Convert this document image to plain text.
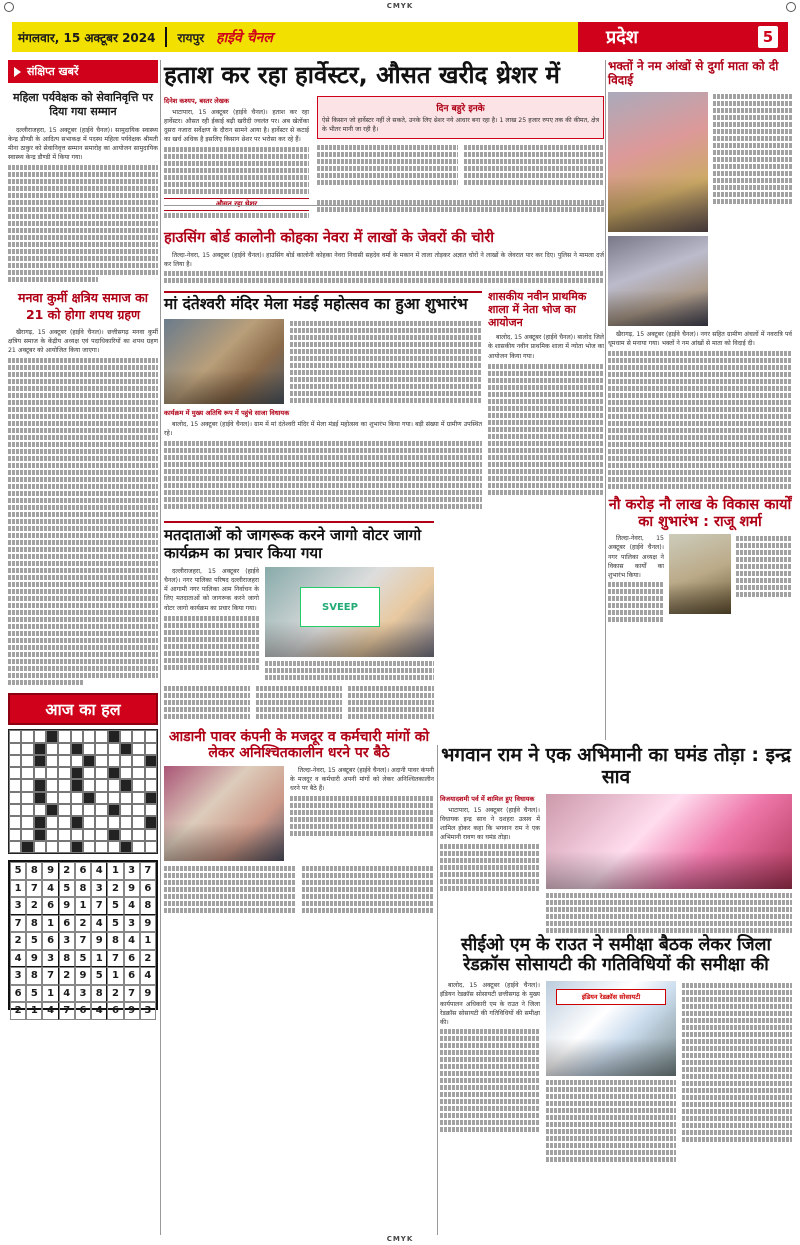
CMYK
CMYK
मंगलवार, 15 अक्टूबर 2024 रायपुर हाईवे चैनल	प्रदेश	5
संक्षिप्त खबरें
महिला पर्यवेक्षक को सेवानिवृत्ति पर दिया गया सम्मान

दल्लीराजहरा, 15 अक्टूबर (हाईवे चैनल)। सामुदायिक स्वास्थ्य केन्द्र डौण्डी के आदित्य सभाकक्ष में पदस्थ महिला पर्यवेक्षक श्रीमती मीना ठाकुर को सेवानिवृत्त सम्मान समारोह का आयोजन सामुदायिक स्वास्थ्य केन्द्र डौण्डी में किया गया।

मनवा कुर्मी क्षत्रिय समाज का 21 को होगा शपथ ग्रहण

खैरागढ़, 15 अक्टूबर (हाईवे चैनल)। छत्तीसगढ़ मनवा कुर्मी क्षत्रिय समाज के केंद्रीय अध्यक्ष एवं पदाधिकारियों का शपथ ग्रहण 21 अक्टूबर को आयोजित किया जाएगा।

आज का हल
5 8 9 2 6 4 1 3 7
1 7 4 5 8 3 2 9 6
3 2 6 9 1 7 5 4 8
7 8 1 6 2 4 5 3 9
2 5 6 3 7 9 8 4 1
4 9 3 8 5 1 7 6 2
3 8 7 2 9 5 1 6 4
6 5 1 4 3 8 2 7 9
2 1 4 7 6 4 6 9 3
हताश कर रहा हार्वेस्टर, औसत खरीद थ्रेशर में
दिनेश कश्यप, बस्तर लेखक

भाटापारा, 15 अक्टूबर (हाईवे चैनल)। हताश कर रहा हार्वेस्टर। औसत रही ईकाई बढ़ी खरीदी ज्वलंत पर। अब खेतोंका दुसरा नजारा सर्वेक्षण के दौरान सामने आया है। हार्वेस्टर से कटाई का खर्च अधिक है इसलिए किसान थ्रेशर पर भरोसा कर रहे हैं।

दिन बहुरे इनके
ऐसे किसान जो हार्वेस्टर नहीं ले सकते, उनके लिए थ्रेशर नये आधार बना रहा है। 1 लाख 25 हजार रुपए तक की कीमत, क्षेत्र के भीतर मानी जा रही है।
हाउसिंग बोर्ड कालोनी कोहका नेवरा में लाखों के जेवरों की चोरी

तिल्दा-नेवरा, 15 अक्टूबर (हाईवे चैनल)। हाउसिंग बोर्ड कालोनी कोहका नेवरा निवासी सहदेव वर्मा के मकान में ताला तोड़कर अज्ञात चोरों ने लाखों के जेवरात पार कर दिए। पुलिस ने मामला दर्ज कर लिया है।

मां दंतेश्वरी मंदिर मेला मंडई महोत्सव का हुआ शुभारंभ
कार्यक्रम में मुख्य अतिथि रूप में पहुंचे साजा विधायक

बालोद, 15 अक्टूबर (हाईवे चैनल)। ग्राम में मां दंतेश्वरी मंदिर में मेला मंडई महोत्सव का शुभारंभ किया गया। बड़ी संख्या में ग्रामीण उपस्थित रहे।

शासकीय नवीन प्राथमिक शाला में नेता भोज का आयोजन

बालोद, 15 अक्टूबर (हाईवे चैनल)। बालोद जिले के शासकीय नवीन प्राथमिक शाला में न्योता भोज का आयोजन किया गया।

मतदाताओं को जागरूक करने जागो वोटर जागो कार्यक्रम का प्रचार किया गया

दल्लीराजहरा, 15 अक्टूबर (हाईवे चैनल)। नगर पालिका परिषद दल्लीराजहरा में आगामी नगर पालिका आम निर्वाचन के लिए मतदाताओं को जागरूक करने जागो वोटर जागो कार्यक्रम का प्रचार किया गया।	SVEEP
आडानी पावर कंपनी के मजदूर व कर्मचारी मांगों को लेकर अनिश्चितकालीन धरने पर बैठे

तिल्दा-नेवरा, 15 अक्टूबर (हाईवे चैनल)। अदानी पावर कंपनी के मजदूर व कर्मचारी अपनी मांगों को लेकर अनिश्चितकालीन धरने पर बैठे हैं।

भगवान राम ने एक अभिमानी का घमंड तोड़ा : इन्द्र साव
विजयादशमी पर्व में शामिल हुए विधायक

भाटापारा, 15 अक्टूबर (हाईवे चैनल)। विधायक इन्द्र साव ने दशहरा उत्सव में शामिल होकर कहा कि भगवान राम ने एक अभिमानी रावण का घमंड तोड़ा।

सीईओ एम के राउत ने समीक्षा बैठक लेकर जिला रेडक्रॉस सोसायटी की गतिविधियों की समीक्षा की

बालोद, 15 अक्टूबर (हाईवे चैनल)। इंडियन रेडक्रॉस सोसायटी छत्तीसगढ़ के मुख्य कार्यपालन अधिकारी एम के राउत ने जिला रेडक्रॉस सोसायटी की गतिविधियों की समीक्षा की।

इंडियन रेडक्रॉस सोसायटी
भक्तों ने नम आंखों से दुर्गा माता को दी विदाई

खैरागढ़, 15 अक्टूबर (हाईवे चैनल)। नगर सहित ग्रामीण अंचलों में नवरात्रि पर्व धूमधाम से मनाया गया। भक्तों ने नम आंखों से माता को विदाई दी।

नौ करोड़ नौ लाख के विकास कार्यों का शुभारंभ : राजू शर्मा

तिल्दा-नेवरा, 15 अक्टूबर (हाईवे चैनल)। नगर पालिका अध्यक्ष ने विकास कार्यों का शुभारंभ किया।
